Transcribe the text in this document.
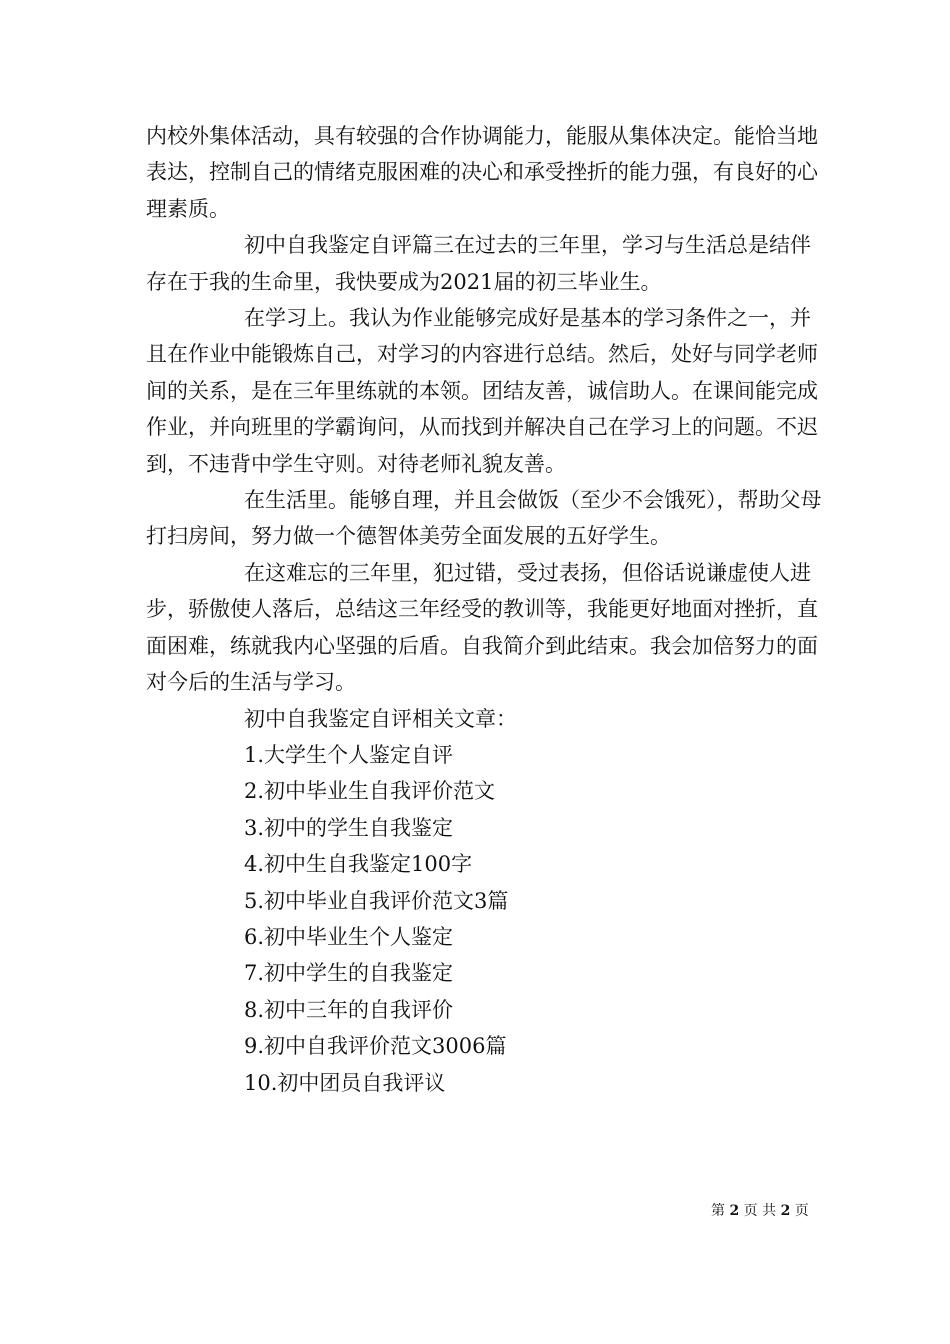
内校外集体活动，具有较强的合作协调能力，能服从集体决定。能恰当地表达，控制自己的情绪克服困难的决心和承受挫折的能力强，有良好的心理素质。

初中自我鉴定自评篇三在过去的三年里，学习与生活总是结伴存在于我的生命里，我快要成为2021届的初三毕业生。

在学习上。我认为作业能够完成好是基本的学习条件之一，并且在作业中能锻炼自己，对学习的内容进行总结。然后，处好与同学老师间的关系，是在三年里练就的本领。团结友善，诚信助人。在课间能完成作业，并向班里的学霸询问，从而找到并解决自己在学习上的问题。不迟到，不违背中学生守则。对待老师礼貌友善。

在生活里。能够自理，并且会做饭（至少不会饿死），帮助父母打扫房间，努力做一个德智体美劳全面发展的五好学生。

在这难忘的三年里，犯过错，受过表扬，但俗话说谦虚使人进步，骄傲使人落后，总结这三年经受的教训等，我能更好地面对挫折，直面困难，练就我内心坚强的后盾。自我简介到此结束。我会加倍努力的面对今后的生活与学习。

初中自我鉴定自评相关文章：

1.大学生个人鉴定自评
2.初中毕业生自我评价范文
3.初中的学生自我鉴定
4.初中生自我鉴定100字
5.初中毕业自我评价范文3篇
6.初中毕业生个人鉴定
7.初中学生的自我鉴定
8.初中三年的自我评价
9.初中自我评价范文3006篇
10.初中团员自我评议
第 2 页 共 2 页
